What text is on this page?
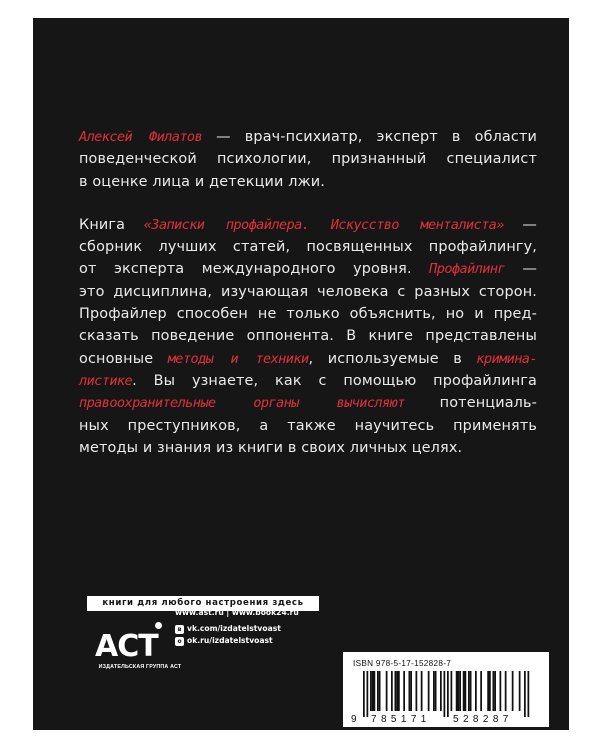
Алексей Филатов — врач-психиатр, эксперт в области
поведенческой психологии, признанный специалист
в оценке лица и детекции лжи.

Книга «Записки профайлера. Искусство менталиста» —
сборник лучших статей, посвященных профайлингу,
от эксперта международного уровня. Профайлинг —
это дисциплина, изучающая человека с разных сторон.
Профайлер способен не только объяснить, но и пред-
сказать поведение оппонента. В книге представлены
основные методы и техники, используемые в кримина-
листике. Вы узнаете, как с помощью профайлинга
правоохранительные органы вычисляют потенциаль-
ных преступников, а также научитесь применять
методы и знания из книги в своих личных целях.

книги для любого настроения здесь
АСТ
ИЗДАТЕЛЬСКАЯ ГРУППА АСТ
www.ast.ru | www.book24.ru
в vk.com/izdatelstvoast
о ok.ru/izdatelstvoast
ISBN 978-5-17-152828-7
9 785171 528287
